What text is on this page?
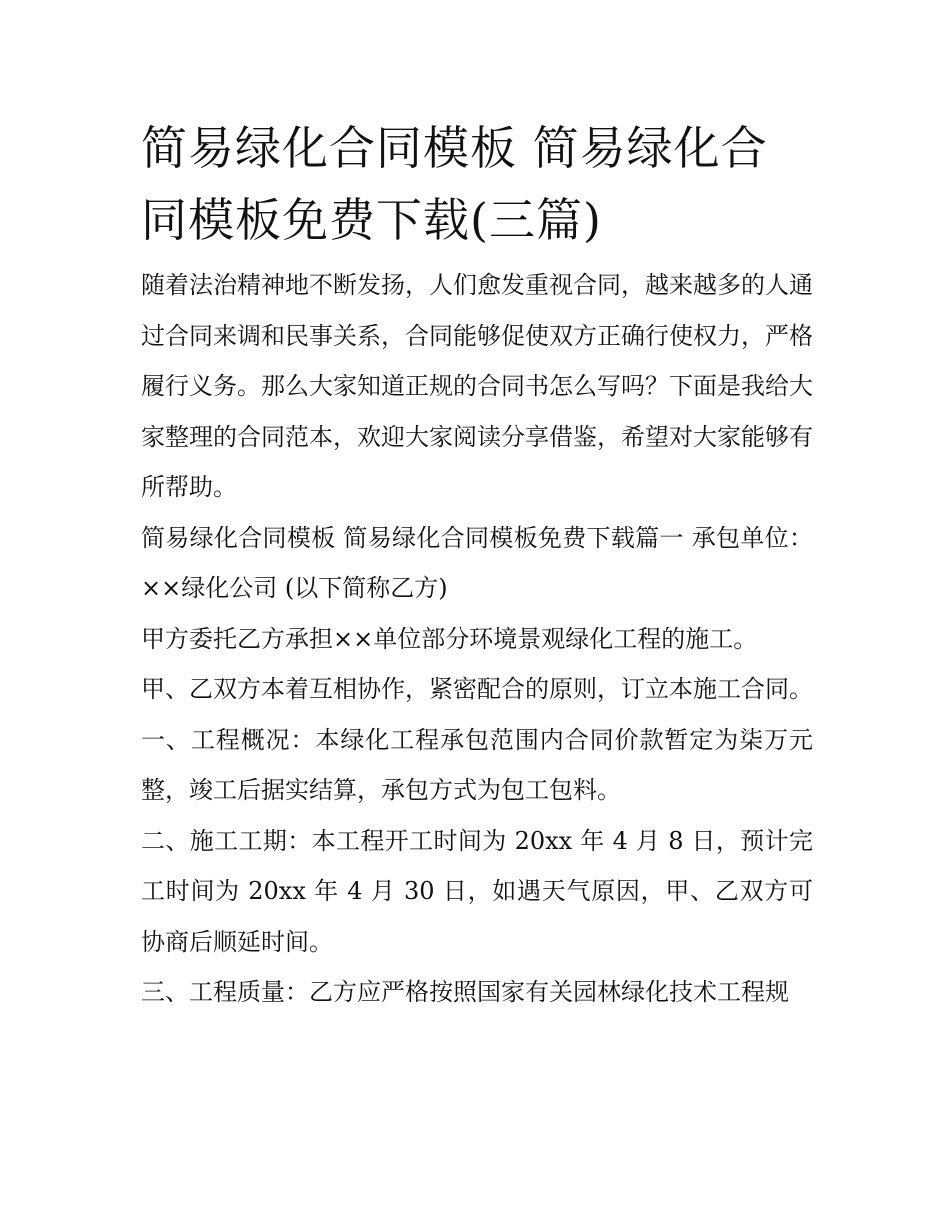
简易绿化合同模板 简易绿化合同模板免费下载(三篇)

随着法治精神地不断发扬，人们愈发重视合同，越来越多的人通过合同来调和民事关系，合同能够促使双方正确行使权力，严格履行义务。那么大家知道正规的合同书怎么写吗？下面是我给大家整理的合同范本，欢迎大家阅读分享借鉴，希望对大家能够有所帮助。

简易绿化合同模板 简易绿化合同模板免费下载篇一 承包单位：××绿化公司 (以下简称乙方)

甲方委托乙方承担××单位部分环境景观绿化工程的施工。

甲、乙双方本着互相协作，紧密配合的原则，订立本施工合同。

一、工程概况：本绿化工程承包范围内合同价款暂定为柒万元整，竣工后据实结算，承包方式为包工包料。

二、施工工期：本工程开工时间为 20xx 年 4 月 8 日，预计完工时间为 20xx 年 4 月 30 日，如遇天气原因，甲、乙双方可协商后顺延时间。

三、工程质量：乙方应严格按照国家有关园林绿化技术工程规
